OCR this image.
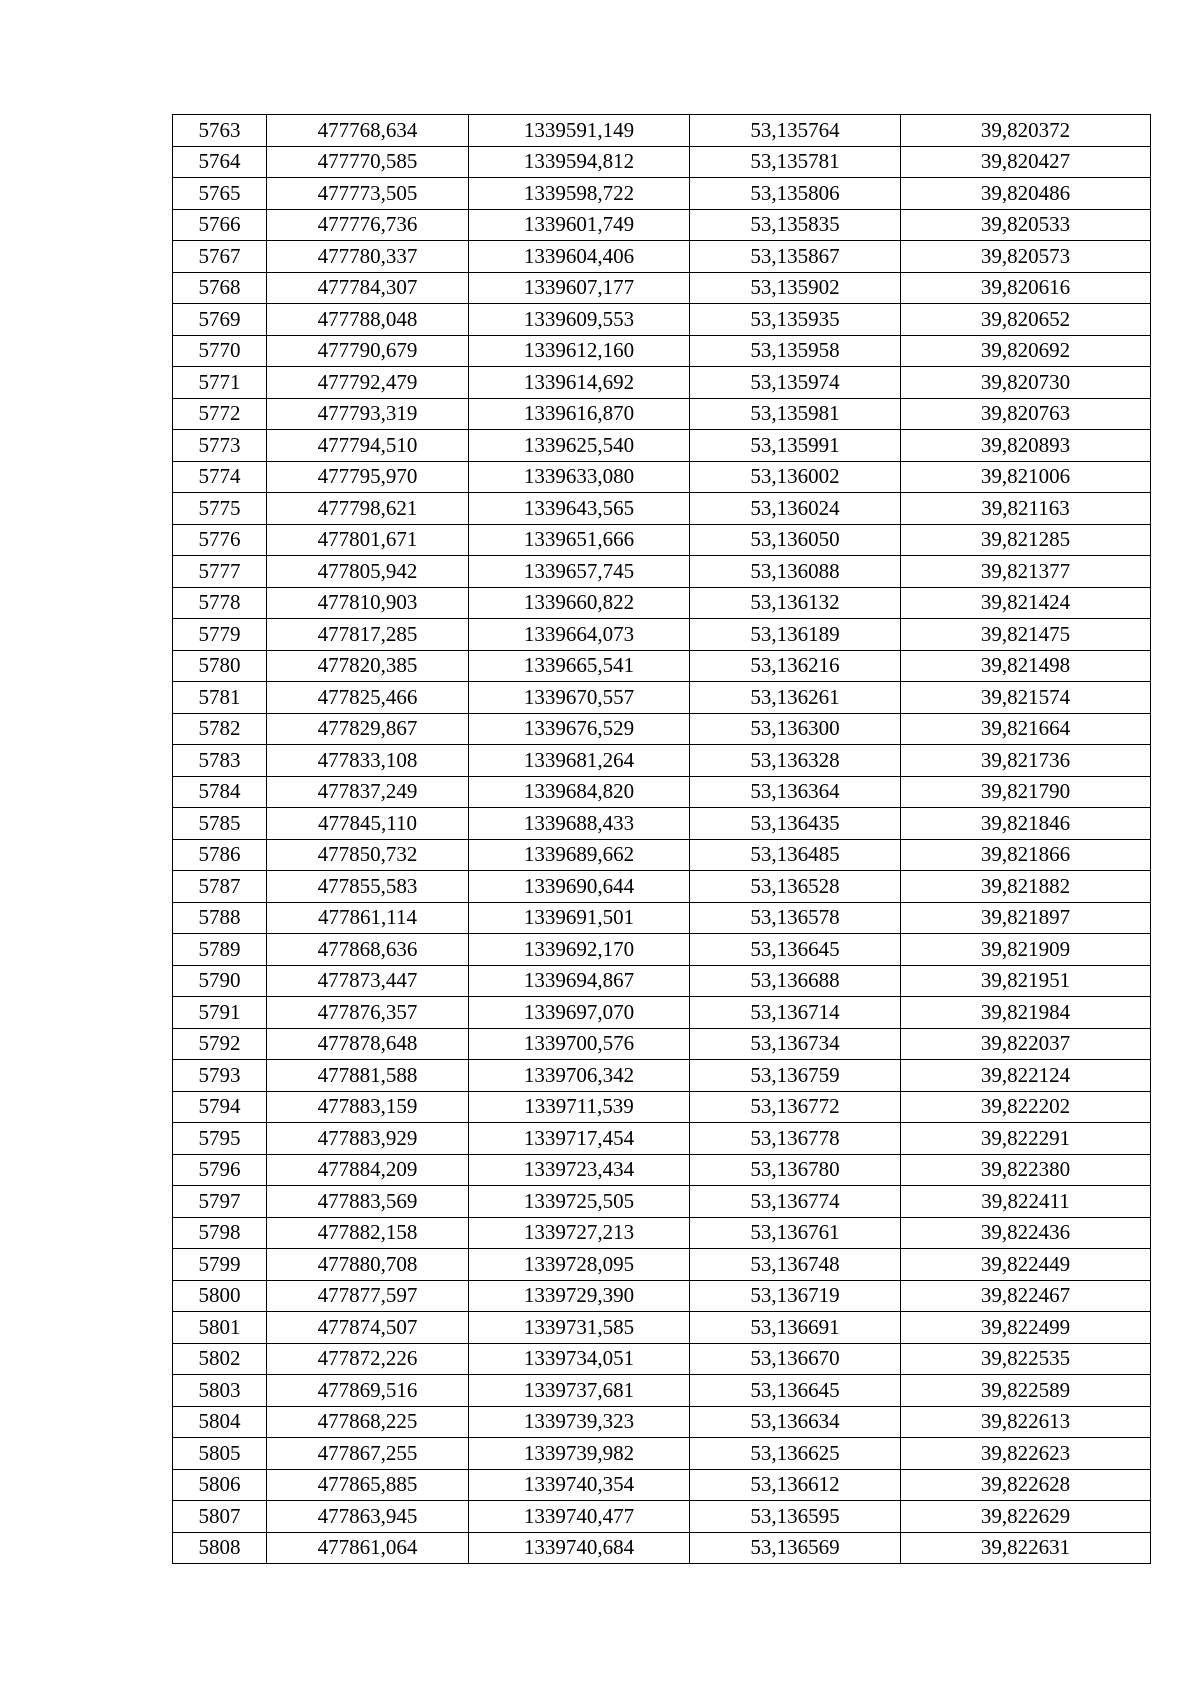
5763	477768,634	1339591,149	53,135764	39,820372
5764	477770,585	1339594,812	53,135781	39,820427
5765	477773,505	1339598,722	53,135806	39,820486
5766	477776,736	1339601,749	53,135835	39,820533
5767	477780,337	1339604,406	53,135867	39,820573
5768	477784,307	1339607,177	53,135902	39,820616
5769	477788,048	1339609,553	53,135935	39,820652
5770	477790,679	1339612,160	53,135958	39,820692
5771	477792,479	1339614,692	53,135974	39,820730
5772	477793,319	1339616,870	53,135981	39,820763
5773	477794,510	1339625,540	53,135991	39,820893
5774	477795,970	1339633,080	53,136002	39,821006
5775	477798,621	1339643,565	53,136024	39,821163
5776	477801,671	1339651,666	53,136050	39,821285
5777	477805,942	1339657,745	53,136088	39,821377
5778	477810,903	1339660,822	53,136132	39,821424
5779	477817,285	1339664,073	53,136189	39,821475
5780	477820,385	1339665,541	53,136216	39,821498
5781	477825,466	1339670,557	53,136261	39,821574
5782	477829,867	1339676,529	53,136300	39,821664
5783	477833,108	1339681,264	53,136328	39,821736
5784	477837,249	1339684,820	53,136364	39,821790
5785	477845,110	1339688,433	53,136435	39,821846
5786	477850,732	1339689,662	53,136485	39,821866
5787	477855,583	1339690,644	53,136528	39,821882
5788	477861,114	1339691,501	53,136578	39,821897
5789	477868,636	1339692,170	53,136645	39,821909
5790	477873,447	1339694,867	53,136688	39,821951
5791	477876,357	1339697,070	53,136714	39,821984
5792	477878,648	1339700,576	53,136734	39,822037
5793	477881,588	1339706,342	53,136759	39,822124
5794	477883,159	1339711,539	53,136772	39,822202
5795	477883,929	1339717,454	53,136778	39,822291
5796	477884,209	1339723,434	53,136780	39,822380
5797	477883,569	1339725,505	53,136774	39,822411
5798	477882,158	1339727,213	53,136761	39,822436
5799	477880,708	1339728,095	53,136748	39,822449
5800	477877,597	1339729,390	53,136719	39,822467
5801	477874,507	1339731,585	53,136691	39,822499
5802	477872,226	1339734,051	53,136670	39,822535
5803	477869,516	1339737,681	53,136645	39,822589
5804	477868,225	1339739,323	53,136634	39,822613
5805	477867,255	1339739,982	53,136625	39,822623
5806	477865,885	1339740,354	53,136612	39,822628
5807	477863,945	1339740,477	53,136595	39,822629
5808	477861,064	1339740,684	53,136569	39,822631
